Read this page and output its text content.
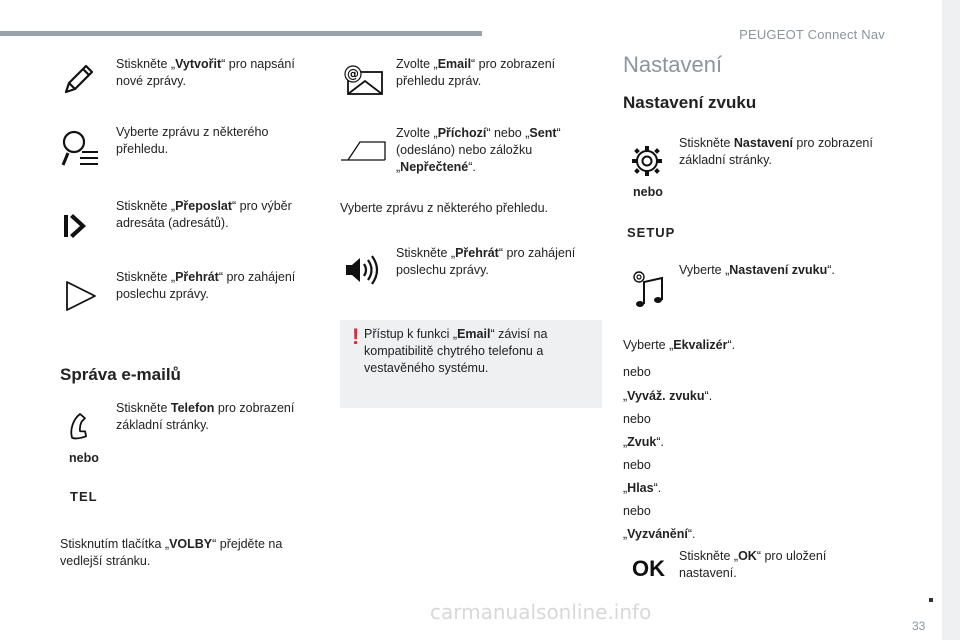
PEUGEOT Connect Nav
33
Stiskněte „Vytvořit“ pro napsání nové zprávy.
Vyberte zprávu z některého přehledu.
Stiskněte „Přeposlat“ pro výběr adresáta (adresátů).
Stiskněte „Přehrát“ pro zahájení poslechu zprávy.
Správa e-mailů
Stiskněte Telefon pro zobrazení základní stránky.
nebo
TEL
Stisknutím tlačítka „VOLBY“ přejděte na vedlejší stránku.
@
Zvolte „Email“ pro zobrazení přehledu zpráv.
Zvolte „Příchozí“ nebo „Sent“ (odesláno) nebo záložku „Nepřečtené“.
Vyberte zprávu z některého přehledu.
Stiskněte „Přehrát“ pro zahájení poslechu zprávy.
! Přístup k funkci „Email“ závisí na kompatibilitě chytrého telefonu a vestavěného systému.
Nastavení
Nastavení zvuku
Stiskněte Nastavení pro zobrazení základní stránky.
nebo
SETUP
Vyberte „Nastavení zvuku“.
Vyberte „Ekvalizér“.
nebo
„Vyváž. zvuku“.
nebo
„Zvuk“.
nebo
„Hlas“.
nebo
„Vyzvánění“.
OK Stiskněte „OK“ pro uložení nastavení.
carmanualsonline.info
